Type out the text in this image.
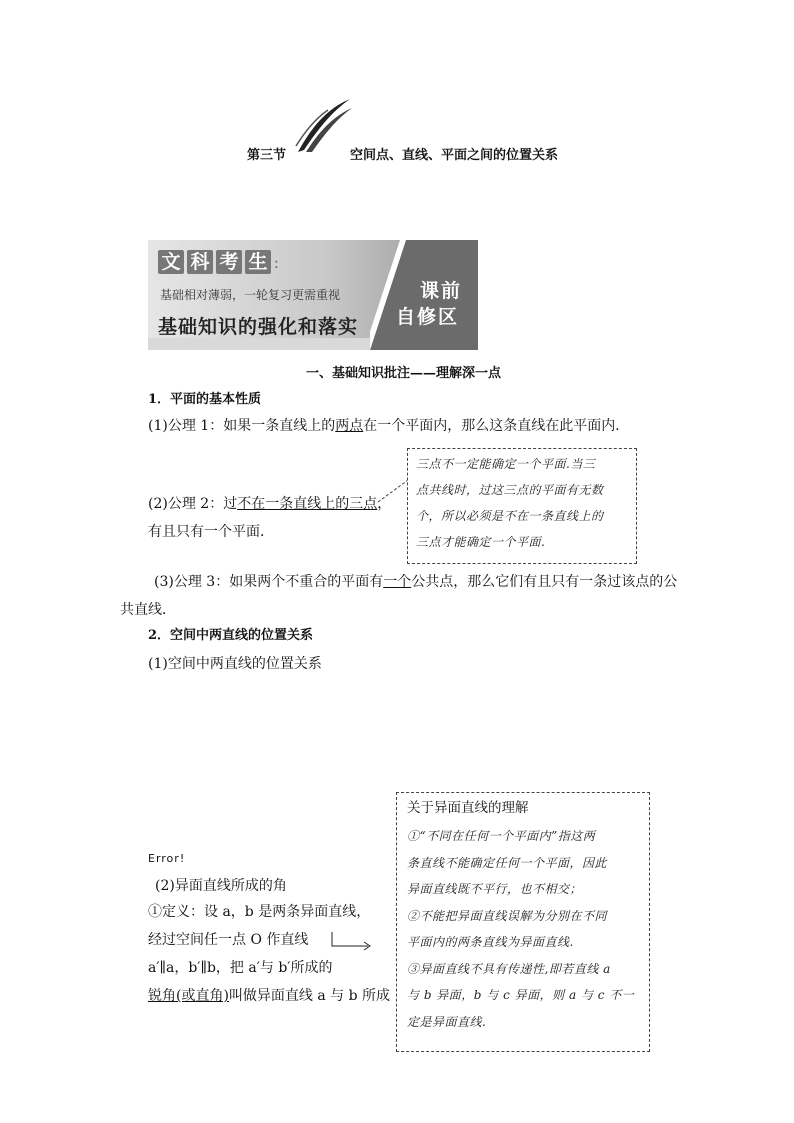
第三节	空间点、直线、平面之间的位置关系
文 科 考 生 :
基础相对薄弱，一轮复习更需重视
基础知识的强化和落实
课前
自修区
一、基础知识批注——理解深一点
1．平面的基本性质
(1)公理 1：如果一条直线上的两点在一个平面内，那么这条直线在此平面内．
(2)公理 2：过不在一条直线上的三点，
有且只有一个平面．
三点不一定能确定一个平面.当三
点共线时，过这三点的平面有无数
个，所以必须是不在一条直线上的
三点才能确定一个平面.
(3)公理 3：如果两个不重合的平面有一个公共点，那么它们有且只有一条过该点的公
共直线．
2．空间中两直线的位置关系
(1)空间中两直线的位置关系
Error!
(2)异面直线所成的角
①定义：设 a，b 是两条异面直线，
经过空间任一点 O 作直线
a′∥a，b′∥b，把 a′与 b′所成的
锐角(或直角)叫做异面直线 a 与 b 所成
关于异面直线的理解
①“不同在任何一个平面内”指这两
条直线不能确定任何一个平面，因此
异面直线既不平行，也不相交；
②不能把异面直线误解为分别在不同
平面内的两条直线为异面直线.
③异面直线不具有传递性,即若直线 a
与 b 异面，b 与 c 异面，则 a 与 c 不一
定是异面直线.
